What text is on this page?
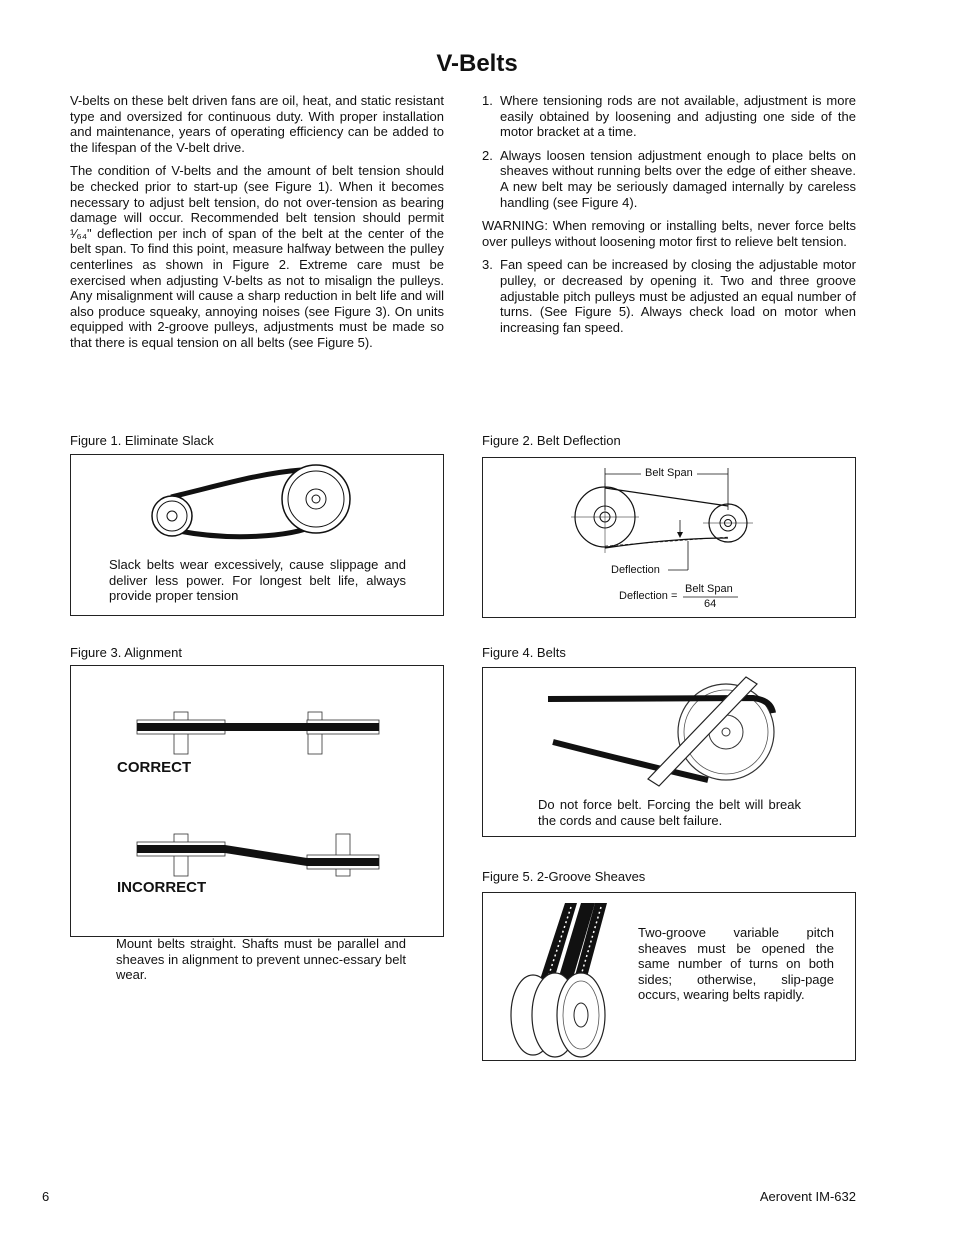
V-Belts

V-belts on these belt driven fans are oil, heat, and static resistant type and oversized for continuous duty. With proper installation and maintenance, years of operating efficiency can be added to the lifespan of the V-belt drive.

The condition of V-belts and the amount of belt tension should be checked prior to start-up (see Figure 1). When it becomes necessary to adjust belt tension, do not over-tension as bearing damage will occur. Recommended belt tension should permit ¹⁄₆₄" deflection per inch of span of the belt at the center of the belt span. To find this point, measure halfway between the pulley centerlines as shown in Figure 2. Extreme care must be exercised when adjusting V-belts as not to misalign the pulleys. Any misalignment will cause a sharp reduction in belt life and will also produce squeaky, annoying noises (see Figure 3). On units equipped with 2-groove pulleys, adjustments must be made so that there is equal tension on all belts (see Figure 5).

1. Where tensioning rods are not available, adjustment is more easily obtained by loosening and adjusting one side of the motor bracket at a time.
2. Always loosen tension adjustment enough to place belts on sheaves without running belts over the edge of either sheave. A new belt may be seriously damaged internally by careless handling (see Figure 4).

WARNING: When removing or installing belts, never force belts over pulleys without loosening motor first to relieve belt tension.

3. Fan speed can be increased by closing the adjustable motor pulley, or decreased by opening it. Two and three groove adjustable pitch pulleys must be adjusted an equal number of turns. (See Figure 5). Always check load on motor when increasing fan speed.
Figure 1. Eliminate Slack

Slack belts wear excessively, cause slippage and deliver less power. For longest belt life, always provide proper tension

Figure 2. Belt Deflection
Belt Span
Deflection
Deflection =
Belt Span
64
Figure 3. Alignment
CORRECT
INCORRECT

Mount belts straight. Shafts must be parallel and sheaves in alignment to prevent unnec-essary belt wear.

Figure 4. Belts

Do not force belt. Forcing the belt will break the cords and cause belt failure.

Figure 5. 2-Groove Sheaves

Two-groove variable pitch sheaves must be opened the same number of turns on both sides; otherwise, slip-page occurs, wearing belts rapidly.

6	Aerovent IM-632
